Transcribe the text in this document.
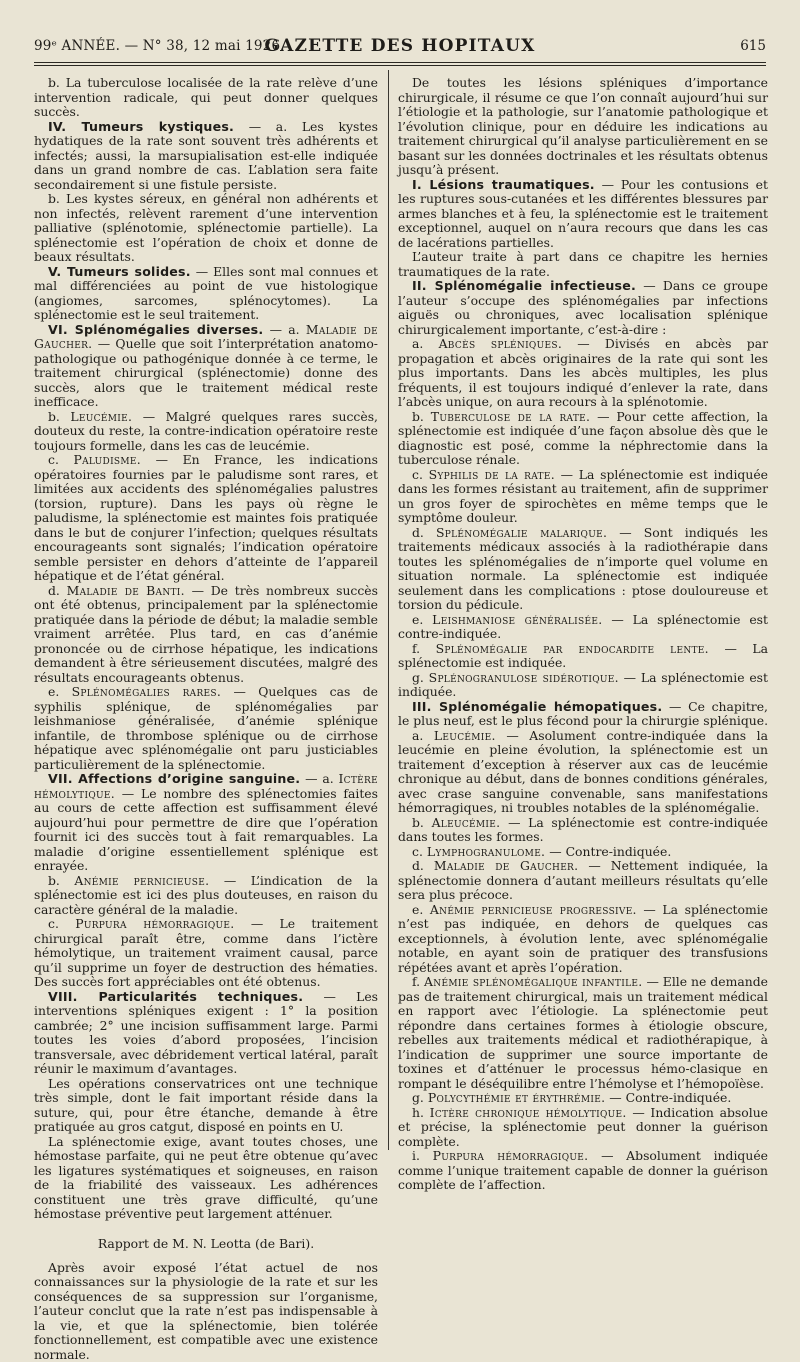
99ᵉ ANNÉE. — N° 38, 12 mai 1926.
GAZETTE DES HOPITAUX	615

b. La tuberculose localisée de la rate relève d’une intervention radicale, qui peut donner quelques succès.

IV. Tumeurs kystiques. — a. Les kystes hydatiques de la rate sont souvent très adhérents et infectés; aussi, la marsupialisation est-elle indiquée dans un grand nombre de cas. L’ablation sera faite secondairement si une fistule persiste.

b. Les kystes séreux, en général non adhérents et non infectés, relèvent rarement d’une intervention palliative (splénotomie, splénectomie partielle). La splénectomie est l’opération de choix et donne de beaux résultats.

V. Tumeurs solides. — Elles sont mal connues et mal différenciées au point de vue histologique (angiomes, sarcomes, splénocytomes). La splénectomie est le seul traitement.

VI. Splénomégalies diverses. — a. Maladie de Gaucher. — Quelle que soit l’interprétation anatomo-pathologique ou pathogénique donnée à ce terme, le traitement chirurgical (splénectomie) donne des succès, alors que le traitement médical reste inefficace.

b. Leucémie. — Malgré quelques rares succès, douteux du reste, la contre-indication opératoire reste toujours formelle, dans les cas de leucémie.

c. Paludisme. — En France, les indications opératoires fournies par le paludisme sont rares, et limitées aux accidents des splénomégalies palustres (torsion, rupture). Dans les pays où règne le paludisme, la splénectomie est maintes fois pratiquée dans le but de conjurer l’infection; quelques résultats encourageants sont signalés; l’indication opératoire semble persister en dehors d’atteinte de l’appareil hépatique et de l’état général.

d. Maladie de Banti. — De très nombreux succès ont été obtenus, principalement par la splénectomie pratiquée dans la période de début; la maladie semble vraiment arrêtée. Plus tard, en cas d’anémie prononcée ou de cirrhose hépatique, les indications demandent à être sérieusement discutées, malgré des résultats encourageants obtenus.

e. Splénomégalies rares. — Quelques cas de syphilis splénique, de splénomégalies par leishmaniose généralisée, d’anémie splénique infantile, de thrombose splénique ou de cirrhose hépatique avec splénomégalie ont paru justiciables particulièrement de la splénectomie.

VII. Affections d’origine sanguine. — a. Ictère hémolytique. — Le nombre des splénectomies faites au cours de cette affection est suffisamment élevé aujourd’hui pour permettre de dire que l’opération fournit ici des succès tout à fait remarquables. La maladie d’origine essentiellement splénique est enrayée.

b. Anémie pernicieuse. — L’indication de la splénectomie est ici des plus douteuses, en raison du caractère général de la maladie.

c. Purpura hémorragique. — Le traitement chirurgical paraît être, comme dans l’ictère hémolytique, un traitement vraiment causal, parce qu’il supprime un foyer de destruction des hématies. Des succès fort appréciables ont été obtenus.

VIII. Particularités techniques. — Les interventions spléniques exigent : 1° la position cambrée; 2° une incision suffisamment large. Parmi toutes les voies d’abord proposées, l’incision transversale, avec débridement vertical latéral, paraît réunir le maximum d’avantages.

Les opérations conservatrices ont une technique très simple, dont le fait important réside dans la suture, qui, pour être étanche, demande à être pratiquée au gros catgut, disposé en points en U.

La splénectomie exige, avant toutes choses, une hémostase parfaite, qui ne peut être obtenue qu’avec les ligatures systématiques et soigneuses, en raison de la friabilité des vaisseaux. Les adhérences constituent une très grave difficulté, qu’une hémostase préventive peut largement atténuer.

Rapport de M. N. Leotta (de Bari).

Après avoir exposé l’état actuel de nos connaissances sur la physiologie de la rate et sur les conséquences de sa suppression sur l’organisme, l’auteur conclut que la rate n’est pas indispensable à la vie, et que la splénectomie, bien tolérée fonctionnellement, est compatible avec une existence normale.

De toutes les lésions spléniques d’importance chirurgicale, il résume ce que l’on connaît aujourd’hui sur l’étiologie et la pathologie, sur l’anatomie pathologique et l’évolution clinique, pour en déduire les indications au traitement chirurgical qu’il analyse particulièrement en se basant sur les données doctrinales et les résultats obtenus jusqu’à présent.

I. Lésions traumatiques. — Pour les contusions et les ruptures sous-cutanées et les différentes blessures par armes blanches et à feu, la splénectomie est le traitement exceptionnel, auquel on n’aura recours que dans les cas de lacérations partielles.

L’auteur traite à part dans ce chapitre les hernies traumatiques de la rate.

II. Splénomégalie infectieuse. — Dans ce groupe l’auteur s’occupe des splénomégalies par infections aiguës ou chroniques, avec localisation splénique chirurgicalement importante, c’est-à-dire :

a. Abcès spléniques. — Divisés en abcès par propagation et abcès originaires de la rate qui sont les plus importants. Dans les abcès multiples, les plus fréquents, il est toujours indiqué d’enlever la rate, dans l’abcès unique, on aura recours à la splénotomie.

b. Tuberculose de la rate. — Pour cette affection, la splénectomie est indiquée d’une façon absolue dès que le diagnostic est posé, comme la néphrectomie dans la tuberculose rénale.

c. Syphilis de la rate. — La splénectomie est indiquée dans les formes résistant au traitement, afin de supprimer un gros foyer de spirochètes en même temps que le symptôme douleur.

d. Splénomégalie malarique. — Sont indiqués les traitements médicaux associés à la radiothérapie dans toutes les splénomégalies de n’importe quel volume en situation normale. La splénectomie est indiquée seulement dans les complications : ptose douloureuse et torsion du pédicule.

e. Leishmaniose généralisée. — La splénectomie est contre-indiquée.

f. Splénomégalie par endocardite lente. — La splénectomie est indiquée.

g. Splénogranulose sidérotique. — La splénectomie est indiquée.

III. Splénomégalie hémopatiques. — Ce chapitre, le plus neuf, est le plus fécond pour la chirurgie splénique.

a. Leucémie. — Asolument contre-indiquée dans la leucémie en pleine évolution, la splénectomie est un traitement d’exception à réserver aux cas de leucémie chronique au début, dans de bonnes conditions générales, avec crase sanguine convenable, sans manifestations hémorragiques, ni troubles notables de la splénomégalie.

b. Aleucémie. — La splénectomie est contre-indiquée dans toutes les formes.

c. Lymphogranulome. — Contre-indiquée.

d. Maladie de Gaucher. — Nettement indiquée, la splénectomie donnera d’autant meilleurs résultats qu’elle sera plus précoce.

e. Anémie pernicieuse progressive. — La splénectomie n’est pas indiquée, en dehors de quelques cas exceptionnels, à évolution lente, avec splénomégalie notable, en ayant soin de pratiquer des transfusions répétées avant et après l’opération.

f. Anémie splénomégalique infantile. — Elle ne demande pas de traitement chirurgical, mais un traitement médical en rapport avec l’étiologie. La splénectomie peut répondre dans certaines formes à étiologie obscure, rebelles aux traitements médical et radiothérapique, à l’indication de supprimer une source importante de toxines et d’atténuer le processus hémo-clasique en rompant le déséquilibre entre l’hémolyse et l’hémopoïèse.

g. Polycythémie et érythrémie. — Contre-indiquée.

h. Ictère chronique hémolytique. — Indication absolue et précise, la splénectomie peut donner la guérison complète.

i. Purpura hémorragique. — Absolument indiquée comme l’unique traitement capable de donner la guérison complète de l’affection.
